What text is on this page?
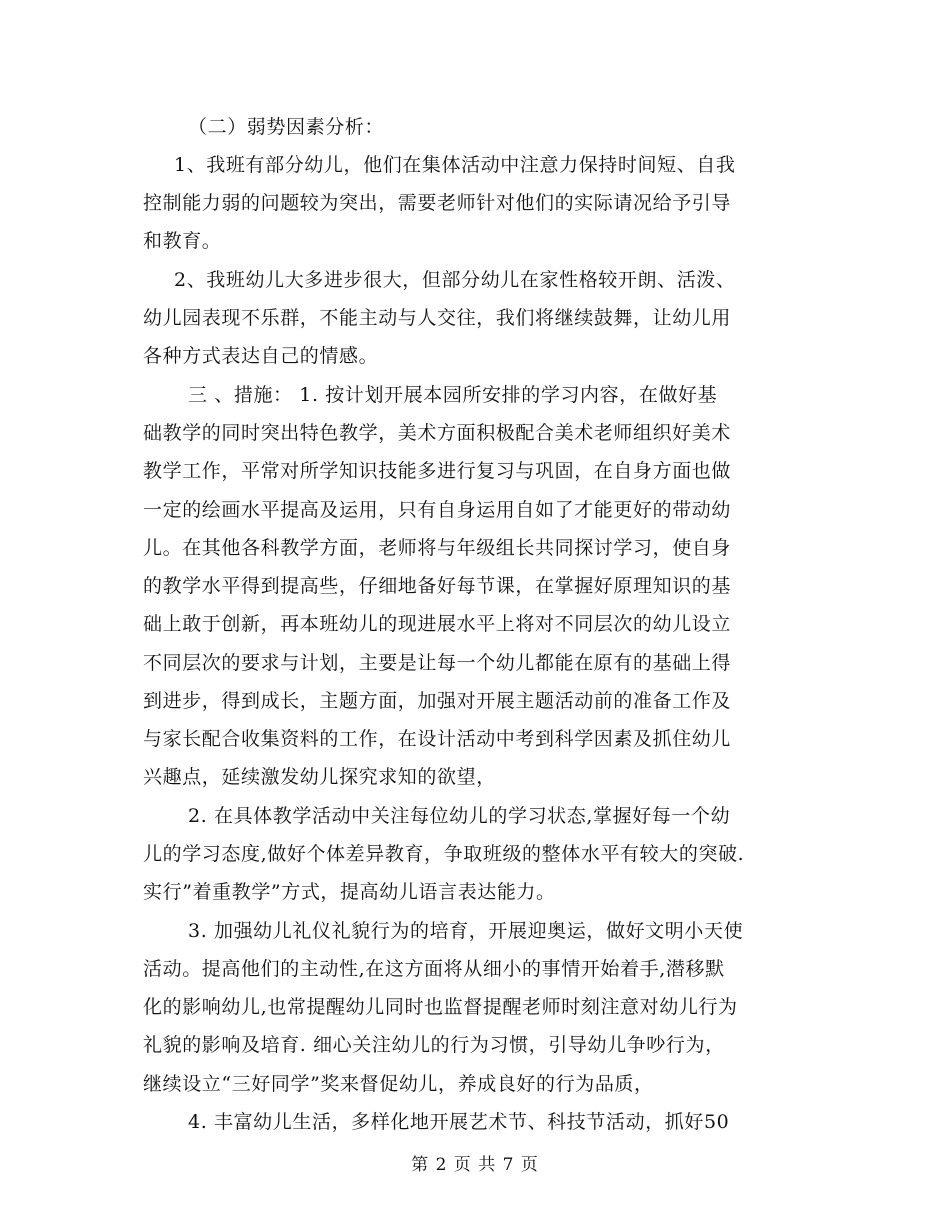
（二）弱势因素分析：
1、我班有部分幼儿，他们在集体活动中注意力保持时间短、自我
控制能力弱的问题较为突出，需要老师针对他们的实际请况给予引导
和教育。
2、我班幼儿大多进步很大，但部分幼儿在家性格较开朗、活泼、
幼儿园表现不乐群，不能主动与人交往，我们将继续鼓舞，让幼儿用
各种方式表达自己的情感。
三 、措施： 1. 按计划开展本园所安排的学习内容，在做好基
础教学的同时突出特色教学，美术方面积极配合美术老师组织好美术
教学工作，平常对所学知识技能多进行复习与巩固，在自身方面也做
一定的绘画水平提高及运用，只有自身运用自如了才能更好的带动幼
儿。在其他各科教学方面，老师将与年级组长共同探讨学习，使自身
的教学水平得到提高些，仔细地备好每节课，在掌握好原理知识的基
础上敢于创新，再本班幼儿的现进展水平上将对不同层次的幼儿设立
不同层次的要求与计划，主要是让每一个幼儿都能在原有的基础上得
到进步，得到成长，主题方面，加强对开展主题活动前的准备工作及
与家长配合收集资料的工作，在设计活动中考到科学因素及抓住幼儿
兴趣点，延续激发幼儿探究求知的欲望，
2. 在具体教学活动中关注每位幼儿的学习状态,掌握好每一个幼
儿的学习态度,做好个体差异教育，争取班级的整体水平有较大的突破.
实行”着重教学”方式，提高幼儿语言表达能力。
3. 加强幼儿礼仪礼貌行为的培育，开展迎奥运，做好文明小天使
活动。提高他们的主动性,在这方面将从细小的事情开始着手,潜移默
化的影响幼儿,也常提醒幼儿同时也监督提醒老师时刻注意对幼儿行为
礼貌的影响及培育. 细心关注幼儿的行为习惯，引导幼儿争吵行为，
继续设立“三好同学”奖来督促幼儿，养成良好的行为品质，
4. 丰富幼儿生活，多样化地开展艺术节、科技节活动，抓好50
第 2 页 共 7 页
